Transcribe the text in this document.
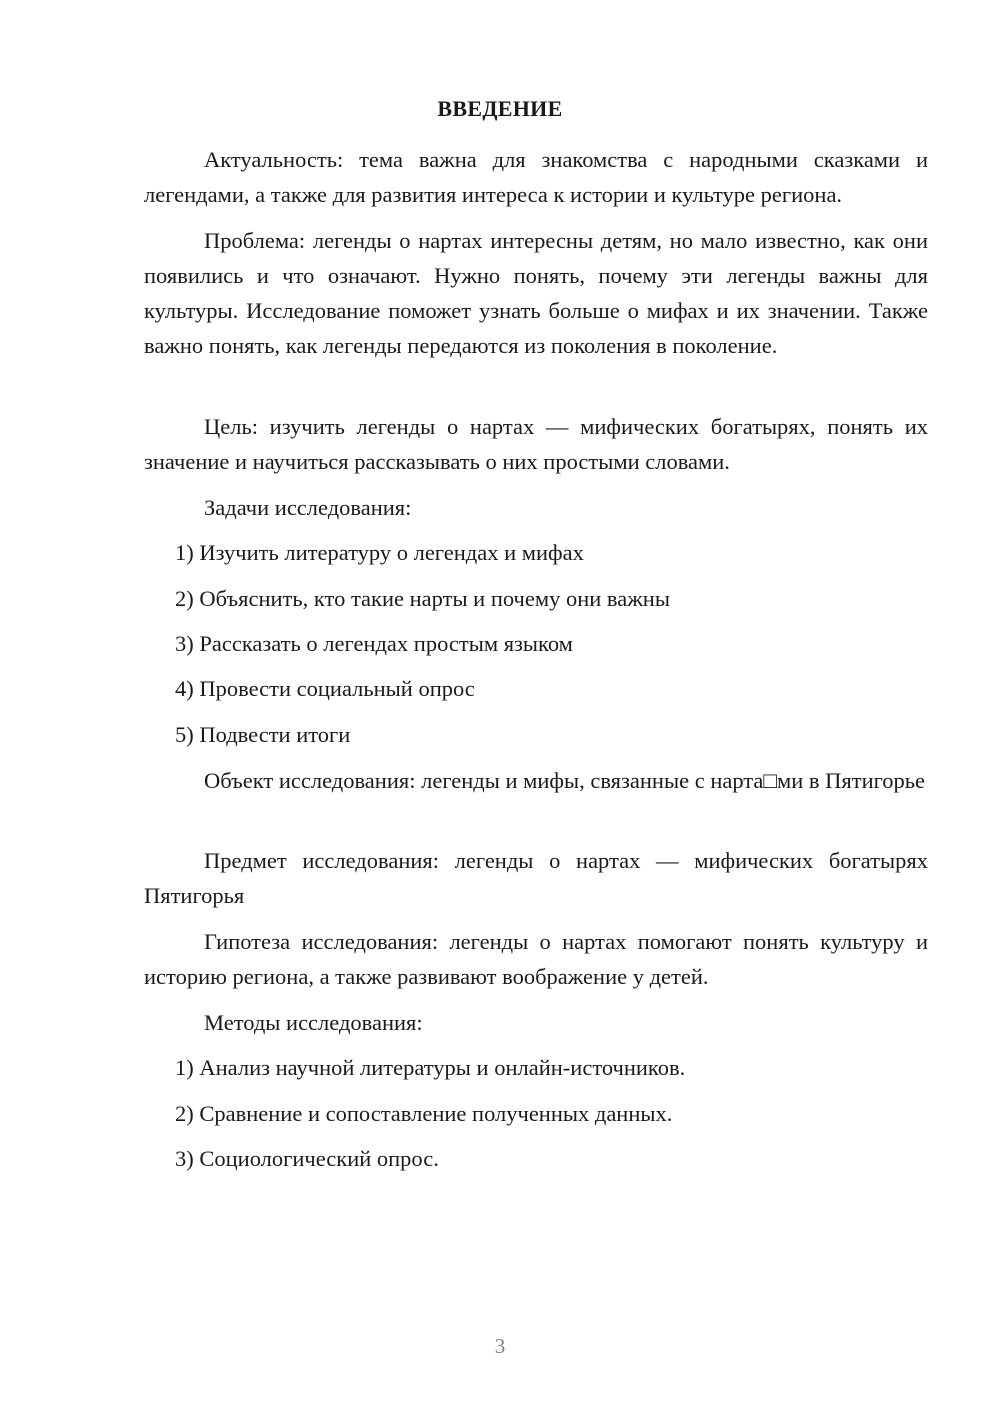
ВВЕДЕНИЕ

Актуальность: тема важна для знакомства с народными сказками и легендами, а также для развития интереса к истории и культуре региона.

Проблема: легенды о нартах интересны детям, но мало известно, как они появились и что означают. Нужно понять, почему эти легенды важны для культуры. Исследование поможет узнать больше о мифах и их значении. Также важно понять, как легенды передаются из поколения в поколение.

Цель: изучить легенды о нартах — мифических богатырях, понять их значение и научиться рассказывать о них простыми словами.

Задачи исследования:

1) Изучить литературу о легендах и мифах

2) Объяснить, кто такие нарты и почему они важны

3) Рассказать о легендах простым языком

4) Провести социальный опрос

5) Подвести итоги

Объект исследования: легенды и мифы, связанные с нарта□ми в Пятигорье

Предмет исследования: легенды о нартах — мифических богатырях Пятигорья

Гипотеза исследования: легенды о нартах помогают понять культуру и историю региона, а также развивают воображение у детей.

Методы исследования:

1) Анализ научной литературы и онлайн-источников.

2) Сравнение и сопоставление полученных данных.

3) Социологический опрос.

3
